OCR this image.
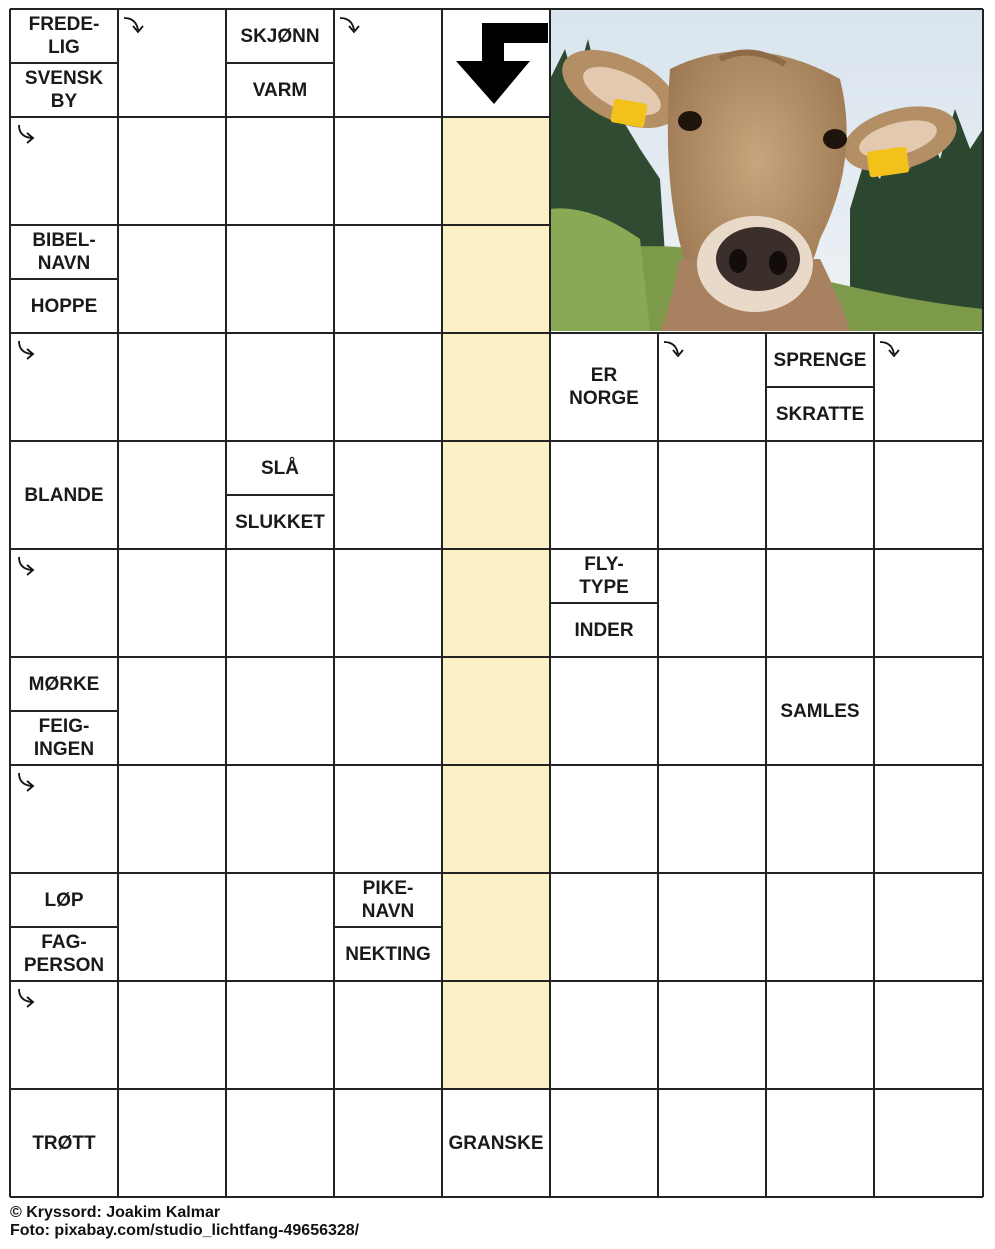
FREDE-
LIG
SVENSK
BY
SKJØNN
VARM
BIBEL-
NAVN
HOPPE
ER
NORGE
SPRENGE
SKRATTE
BLANDE
SLÅ
SLUKKET
FLY-
TYPE
INDER
MØRKE
FEIG-
INGEN
SAMLES
LØP
FAG-
PERSON
PIKE-
NAVN
NEKTING
TRØTT	GRANSKE
© Kryssord: Joakim Kalmar
Foto: pixabay.com/studio_lichtfang-49656328/
